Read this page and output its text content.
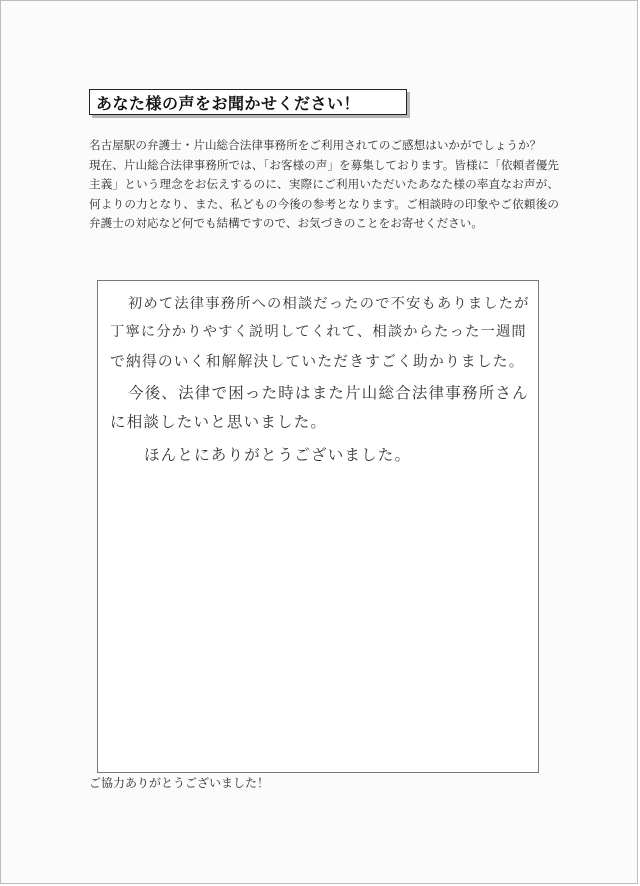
あなた様の声をお聞かせください！

名古屋駅の弁護士・片山総合法律事務所をご利用されてのご感想はいかがでしょうか？

現在、片山総合法律事務所では、「お客様の声」を募集しております。皆様に「依頼者優先主義」という理念をお伝えするのに、実際にご利用いただいたあなた様の率直なお声が、何よりの力となり、また、私どもの今後の参考となります。ご相談時の印象やご依頼後の弁護士の対応など何でも結構ですので、お気づきのことをお寄せください。

初めて法律事務所への相談だったので不安もありましたが
丁寧に分かりやすく説明してくれて、相談からたった一週間
で納得のいく和解解決していただきすごく助かりました。
今後、法律で困った時はまた片山総合法律事務所さん
に相談したいと思いました。
ほんとにありがとうございました。
ご協力ありがとうございました！
